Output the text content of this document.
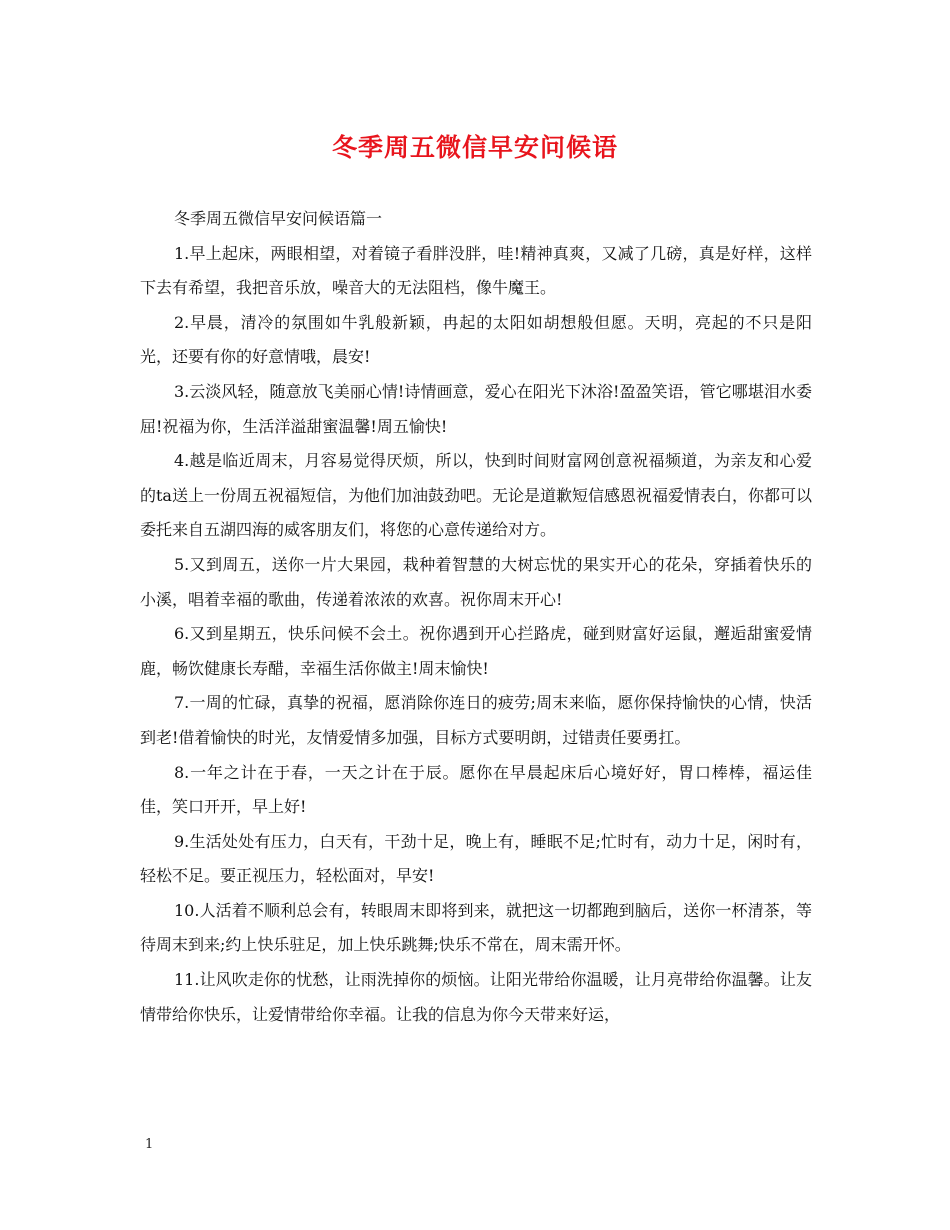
冬季周五微信早安问候语

冬季周五微信早安问候语篇一

1.早上起床，两眼相望，对着镜子看胖没胖，哇!精神真爽，又减了几磅，真是好样，这样下去有希望，我把音乐放，噪音大的无法阻档，像牛魔王。

2.早晨，清冷的氛围如牛乳般新颖，冉起的太阳如胡想般但愿。天明，亮起的不只是阳光，还要有你的好意情哦，晨安!

3.云淡风轻，随意放飞美丽心情!诗情画意，爱心在阳光下沐浴!盈盈笑语，管它哪堪泪水委屈!祝福为你，生活洋溢甜蜜温馨!周五愉快!

4.越是临近周末，月容易觉得厌烦，所以，快到时间财富网创意祝福频道，为亲友和心爱的ta送上一份周五祝福短信，为他们加油鼓劲吧。无论是道歉短信感恩祝福爱情表白，你都可以委托来自五湖四海的威客朋友们，将您的心意传递给对方。

5.又到周五，送你一片大果园，栽种着智慧的大树忘忧的果实开心的花朵，穿插着快乐的小溪，唱着幸福的歌曲，传递着浓浓的欢喜。祝你周末开心!

6.又到星期五，快乐问候不会土。祝你遇到开心拦路虎，碰到财富好运鼠，邂逅甜蜜爱情鹿，畅饮健康长寿醋，幸福生活你做主!周末愉快!

7.一周的忙碌，真挚的祝福，愿消除你连日的疲劳;周末来临，愿你保持愉快的心情，快活到老!借着愉快的时光，友情爱情多加强，目标方式要明朗，过错责任要勇扛。

8.一年之计在于春，一天之计在于辰。愿你在早晨起床后心境好好，胃口棒棒，福运佳佳，笑口开开，早上好!

9.生活处处有压力，白天有，干劲十足，晚上有，睡眠不足;忙时有，动力十足，闲时有，轻松不足。要正视压力，轻松面对，早安!

10.人活着不顺利总会有，转眼周末即将到来，就把这一切都跑到脑后，送你一杯清茶，等待周末到来;约上快乐驻足，加上快乐跳舞;快乐不常在，周末需开怀。

11.让风吹走你的忧愁，让雨洗掉你的烦恼。让阳光带给你温暖，让月亮带给你温馨。让友情带给你快乐，让爱情带给你幸福。让我的信息为你今天带来好运，

1
